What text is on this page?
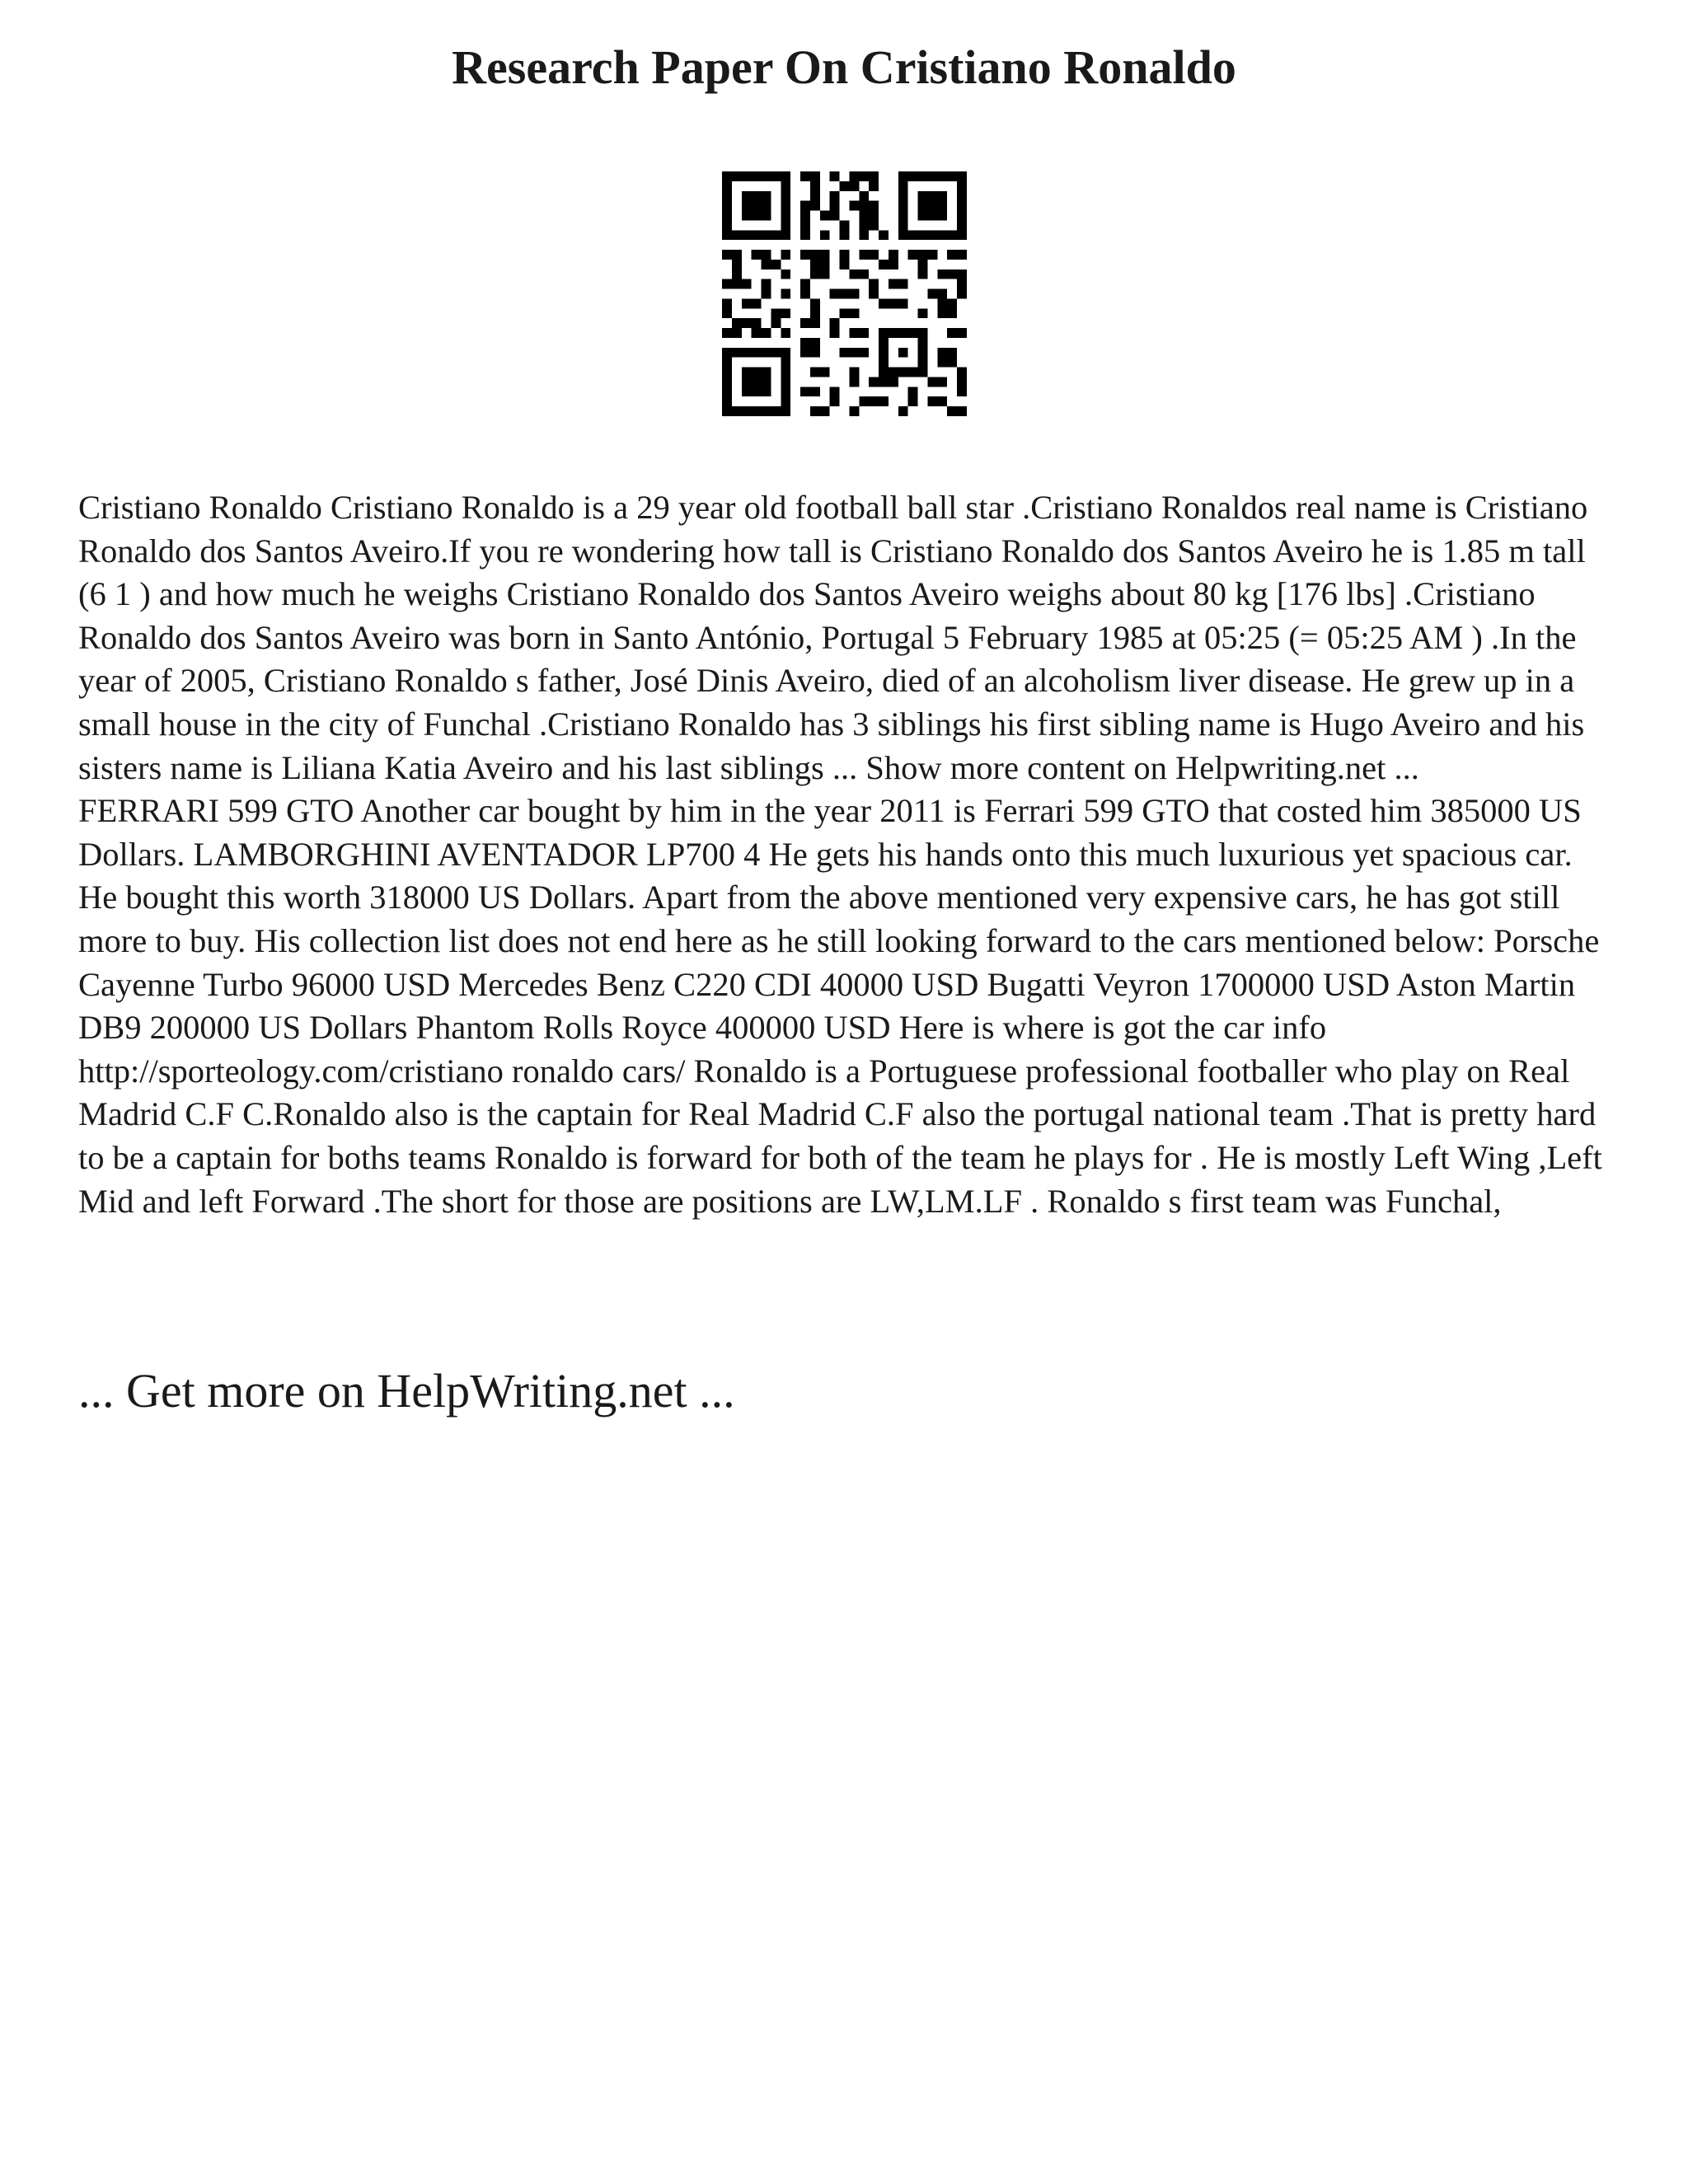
Research Paper On Cristiano Ronaldo

Cristiano Ronaldo Cristiano Ronaldo is a 29 year old football ball star .Cristiano Ronaldos real name is Cristiano Ronaldo dos Santos Aveiro.If you re wondering how tall is Cristiano Ronaldo dos Santos Aveiro he is 1.85 m tall (6 1 ) and how much he weighs Cristiano Ronaldo dos Santos Aveiro weighs about 80 kg [176 lbs] .Cristiano Ronaldo dos Santos Aveiro was born in Santo António, Portugal 5 February 1985 at 05:25 (= 05:25 AM ) .In the year of 2005, Cristiano Ronaldo s father, José Dinis Aveiro, died of an alcoholism liver disease. He grew up in a small house in the city of Funchal .Cristiano Ronaldo has 3 siblings his first sibling name is Hugo Aveiro and his sisters name is Liliana Katia Aveiro and his last siblings ... Show more content on Helpwriting.net ...

FERRARI 599 GTO Another car bought by him in the year 2011 is Ferrari 599 GTO that costed him 385000 US Dollars. LAMBORGHINI AVENTADOR LP700 4 He gets his hands onto this much luxurious yet spacious car. He bought this worth 318000 US Dollars. Apart from the above mentioned very expensive cars, he has got still more to buy. His collection list does not end here as he still looking forward to the cars mentioned below: Porsche Cayenne Turbo 96000 USD Mercedes Benz C220 CDI 40000 USD Bugatti Veyron 1700000 USD Aston Martin DB9 200000 US Dollars Phantom Rolls Royce 400000 USD Here is where is got the car info http://sporteology.com/cristiano ronaldo cars/ Ronaldo is a Portuguese professional footballer who play on Real Madrid C.F C.Ronaldo also is the captain for Real Madrid C.F also the portugal national team .That is pretty hard to be a captain for boths teams Ronaldo is forward for both of the team he plays for . He is mostly Left Wing ,Left Mid and left Forward .The short for those are positions are LW,LM.LF . Ronaldo s first team was Funchal,

... Get more on HelpWriting.net ...
